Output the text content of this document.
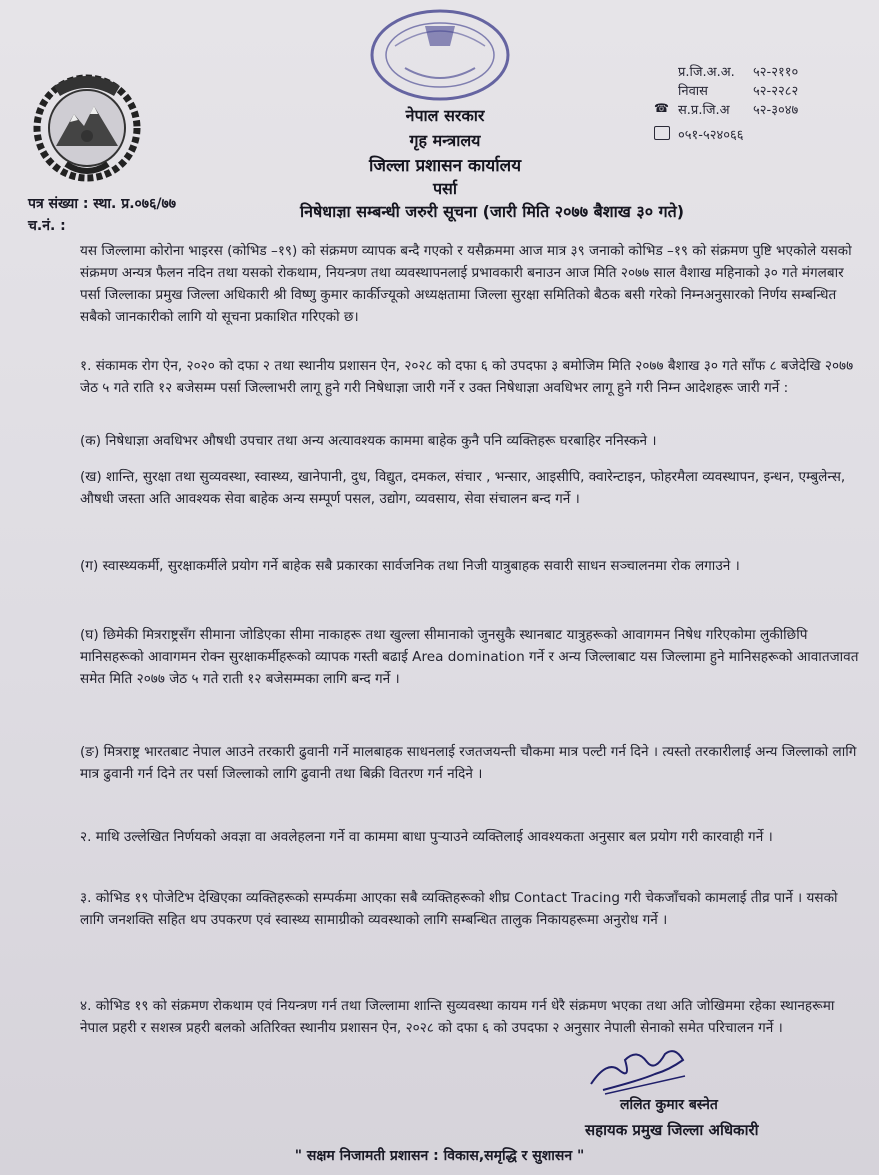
नेपाल सरकार
गृह मन्त्रालय
जिल्ला प्रशासन कार्यालय
पर्सा
निषेधाज्ञा सम्बन्धी जरुरी सूचना (जारी मिति २०७७ बैशाख ३० गते)
प्र.जि.अ.अ. ५२-२११०
निवास	५२-२२८२
☎ स.प्र.जि.अ ५२-३०४७
०५१-५२४०६६
पत्र संख्या : स्था. प्र.०७६/७७
च.नं. :
यस जिल्लामा कोरोना भाइरस (कोभिड –१९) को संक्रमण व्यापक बन्दै गएको र यसैक्रममा आज मात्र ३९ जनाको कोभिड –१९ को संक्रमण पुष्टि भएकोले यसको संक्रमण अन्यत्र फैलन नदिन तथा यसको रोकथाम, नियन्त्रण तथा व्यवस्थापनलाई प्रभावकारी बनाउन आज मिति २०७७ साल वैशाख महिनाको ३० गते मंगलबार पर्सा जिल्लाका प्रमुख जिल्ला अधिकारी श्री विष्णु कुमार कार्कीज्यूको अध्यक्षतामा जिल्ला सुरक्षा समितिको बैठक बसी गरेको निम्नअनुसारको निर्णय सम्बन्धित सबैको जानकारीको लागि यो सूचना प्रकाशित गरिएको छ।
१. संकामक रोग ऐन, २०२० को दफा २ तथा स्थानीय प्रशासन ऐन, २०२८ को दफा ६ को उपदफा ३ बमोजिम मिति २०७७ बैशाख ३० गते साँफ ८ बजेदेखि २०७७ जेठ ५ गते राति १२ बजेसम्म पर्सा जिल्लाभरी लागू हुने गरी निषेधाज्ञा जारी गर्ने र उक्त निषेधाज्ञा अवधिभर लागू हुने गरी निम्न आदेशहरू जारी गर्ने :
(क) निषेधाज्ञा अवधिभर औषधी उपचार तथा अन्य अत्यावश्यक काममा बाहेक कुनै पनि व्यक्तिहरू घरबाहिर ननिस्कने ।
(ख) शान्ति, सुरक्षा तथा सुव्यवस्था, स्वास्थ्य, खानेपानी, दुध, विद्युत, दमकल, संचार , भन्सार, आइसीपि, क्वारेन्टाइन, फोहरमैला व्यवस्थापन, इन्धन, एम्बुलेन्स, औषधी जस्ता अति आवश्यक सेवा बाहेक अन्य सम्पूर्ण पसल, उद्योग, व्यवसाय, सेवा संचालन बन्द गर्ने ।
(ग) स्वास्थ्यकर्मी, सुरक्षाकर्मीले प्रयोग गर्ने बाहेक सबै प्रकारका सार्वजनिक तथा निजी यात्रुबाहक सवारी साधन सञ्चालनमा रोक लगाउने ।
(घ) छिमेकी मित्रराष्ट्रसँग सीमाना जोडिएका सीमा नाकाहरू तथा खुल्ला सीमानाको जुनसुकै स्थानबाट यात्रुहरूको आवागमन निषेध गरिएकोमा लुकीछिपि मानिसहरूको आवागमन रोक्न सुरक्षाकर्मीहरूको व्यापक गस्ती बढाई Area domination गर्ने र अन्य जिल्लाबाट यस जिल्लामा हुने मानिसहरूको आवातजावत समेत मिति २०७७ जेठ ५ गते राती १२ बजेसम्मका लागि बन्द गर्ने ।
(ङ) मित्रराष्ट्र भारतबाट नेपाल आउने तरकारी ढुवानी गर्ने मालबाहक साधनलाई रजतजयन्ती चौकमा मात्र पल्टी गर्न दिने । त्यस्तो तरकारीलाई अन्य जिल्लाको लागि मात्र ढुवानी गर्न दिने तर पर्सा जिल्लाको लागि ढुवानी तथा बिक्री वितरण गर्न नदिने ।
२. माथि उल्लेखित निर्णयको अवज्ञा वा अवलेहलना गर्ने वा काममा बाधा पुर्‍याउने व्यक्तिलाई आवश्यकता अनुसार बल प्रयोग गरी कारवाही गर्ने ।
३. कोभिड १९ पोजेटिभ देखिएका व्यक्तिहरूको सम्पर्कमा आएका सबै व्यक्तिहरूको शीघ्र Contact Tracing गरी चेकजाँचको कामलाई तीव्र पार्ने । यसको लागि जनशक्ति सहित थप उपकरण एवं स्वास्थ्य सामाग्रीको व्यवस्थाको लागि सम्बन्धित तालुक निकायहरूमा अनुरोध गर्ने ।
४. कोभिड १९ को संक्रमण रोकथाम एवं नियन्त्रण गर्न तथा जिल्लामा शान्ति सुव्यवस्था कायम गर्न धेरै संक्रमण भएका तथा अति जोखिममा रहेका स्थानहरूमा नेपाल प्रहरी र सशस्त्र प्रहरी बलको अतिरिक्त स्थानीय प्रशासन ऐन, २०२८ को दफा ६ को उपदफा २ अनुसार नेपाली सेनाको समेत परिचालन गर्ने ।
ललित कुमार बस्नेत
सहायक प्रमुख जिल्ला अधिकारी
" सक्षम निजामती प्रशासन : विकास,समृद्धि र सुशासन "
